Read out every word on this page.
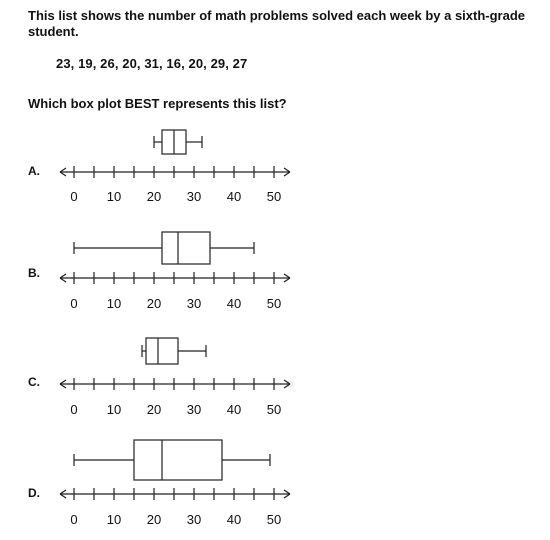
This list shows the number of math problems solved each week by a sixth-grade student.
23, 19, 26, 20, 31, 16, 20, 29, 27
Which box plot BEST represents this list?
A.
0 10 20 30 40 50
B.
0 10 20 30 40 50
C.
0 10 20 30 40 50
D.
0 10 20 30 40 50
